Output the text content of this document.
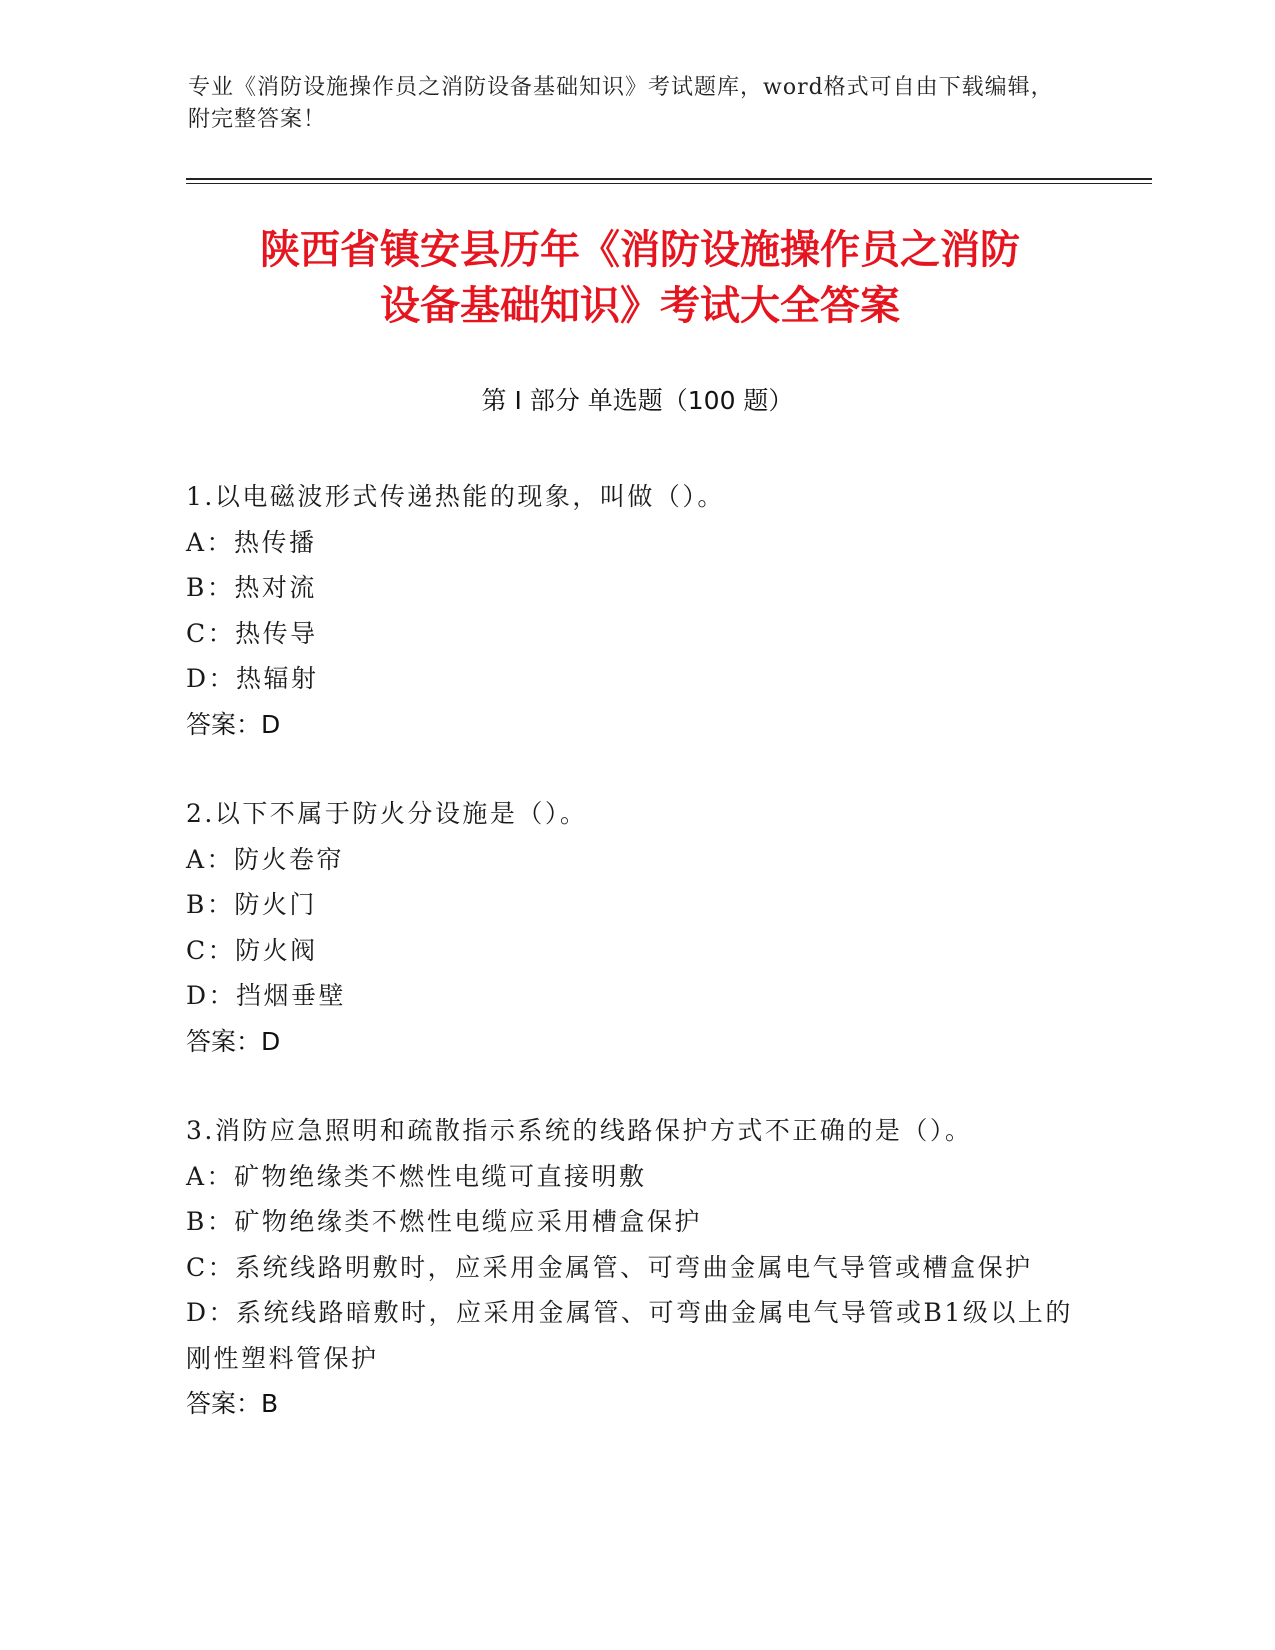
专业《消防设施操作员之消防设备基础知识》考试题库，word格式可自由下载编辑，附完整答案！
陕西省镇安县历年《消防设施操作员之消防
设备基础知识》考试大全答案
第 I 部分 单选题（100 题）
1.以电磁波形式传递热能的现象，叫做（）。
A：热传播
B：热对流
C：热传导
D：热辐射
答案：D
2.以下不属于防火分设施是（）。
A：防火卷帘
B：防火门
C：防火阀
D：挡烟垂壁
答案：D
3.消防应急照明和疏散指示系统的线路保护方式不正确的是（）。
A：矿物绝缘类不燃性电缆可直接明敷
B：矿物绝缘类不燃性电缆应采用槽盒保护
C：系统线路明敷时，应采用金属管、可弯曲金属电气导管或槽盒保护
D：系统线路暗敷时，应采用金属管、可弯曲金属电气导管或B1级以上的刚性塑料管保护
答案：B
